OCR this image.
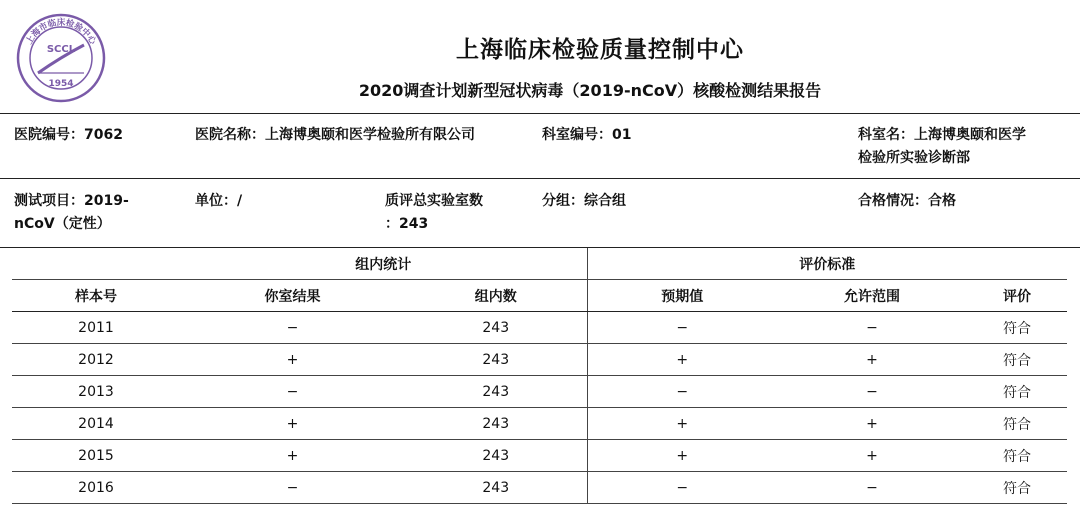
上海市临床检验中心
SCCL
1954
上海临床检验质量控制中心
2020调查计划新型冠状病毒（2019-nCoV）核酸检测结果报告
医院编号：7062	医院名称：上海博奥颐和医学检验所有限公司	科室编号：01	科室名：上海博奥颐和医学
检验所实验诊断部
测试项目：2019-
nCoV（定性）
单位：/	质评总实验室数
：243
分组：综合组	合格情况：合格
	组内统计		评价标准		
样本号	你室结果	组内数	预期值	允许范围	评价
2011	−	243	−	−	符合
2012	+	243	+	+	符合
2013	−	243	−	−	符合
2014	+	243	+	+	符合
2015	+	243	+	+	符合
2016	−	243	−	−	符合
